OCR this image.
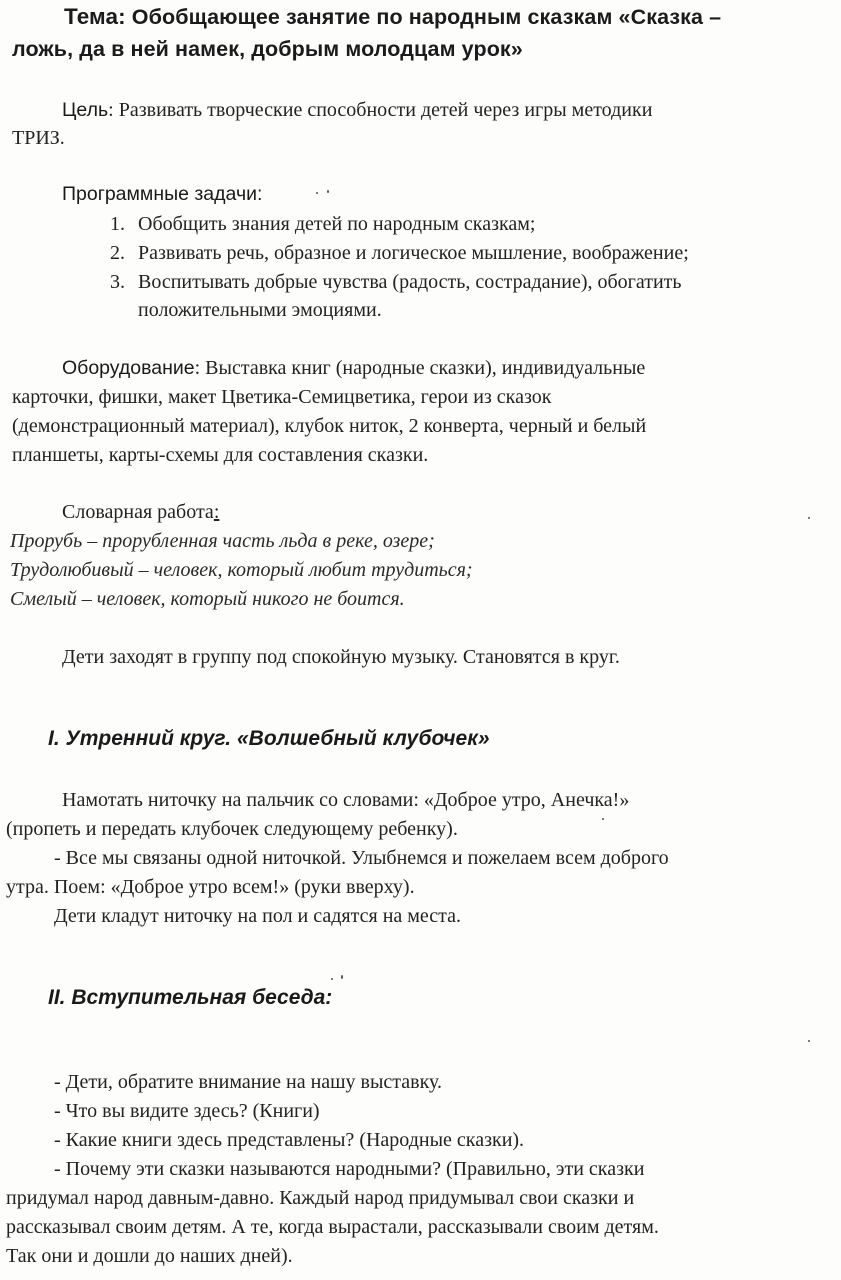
Тема: Обобщающее занятие по народным сказкам «Сказка –
ложь, да в ней намек, добрым молодцам урок»
Цель: Развивать творческие способности детей через игры методики
ТРИЗ.
Программные задачи:
1. Обобщить знания детей по народным сказкам;
2. Развивать речь, образное и логическое мышление, воображение;
3. Воспитывать добрые чувства (радость, сострадание), обогатить
положительными эмоциями.
Оборудование: Выставка книг (народные сказки), индивидуальные
карточки, фишки, макет Цветика-Семицветика, герои из сказок
(демонстрационный материал), клубок ниток, 2 конверта, черный и белый
планшеты, карты-схемы для составления сказки.
Словарная работа:
Прорубь – прорубленная часть льда в реке, озере;
Трудолюбивый – человек, который любит трудиться;
Смелый – человек, который никого не боится.
Дети заходят в группу под спокойную музыку. Становятся в круг.
I. Утренний круг. «Волшебный клубочек»
Намотать ниточку на пальчик со словами: «Доброе утро, Анечка!»
(пропеть и передать клубочек следующему ребенку).
- Все мы связаны одной ниточкой. Улыбнемся и пожелаем всем доброго
утра. Поем: «Доброе утро всем!» (руки вверху).
Дети кладут ниточку на пол и садятся на места.
II. Вступительная беседа:
- Дети, обратите внимание на нашу выставку.
- Что вы видите здесь? (Книги)
- Какие книги здесь представлены? (Народные сказки).
- Почему эти сказки называются народными? (Правильно, эти сказки
придумал народ давным-давно. Каждый народ придумывал свои сказки и
рассказывал своим детям. А те, когда вырастали, рассказывали своим детям.
Так они и дошли до наших дней).
